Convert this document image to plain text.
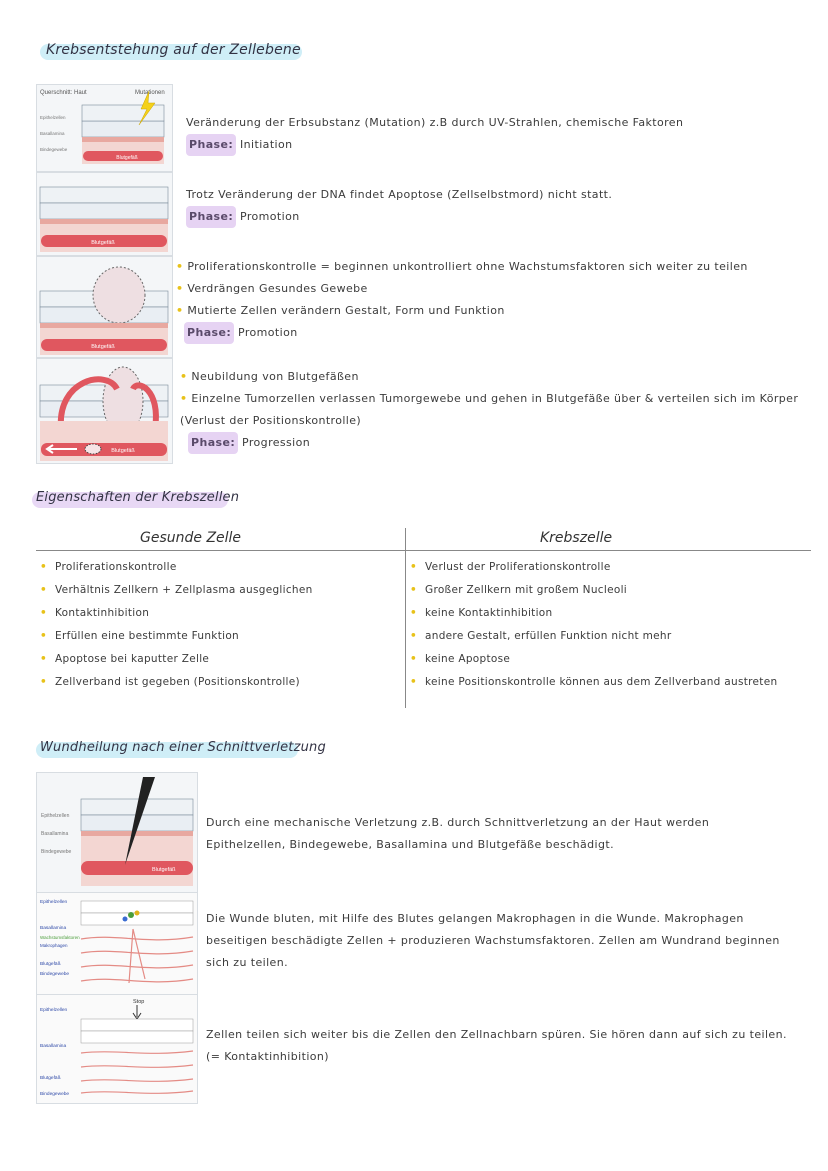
Krebsentstehung auf der Zellebene
Querschnitt: Haut	Mutationen
Blutgefäß
Epithelzellen
Basallamina
Bindegewebe
Veränderung der Erbsubstanz (Mutation) z.B durch UV-Strahlen, chemische Faktoren
Phase: Initiation
Blutgefäß
Trotz Veränderung der DNA findet Apoptose (Zellselbstmord) nicht statt.
Phase: Promotion
Blutgefäß
• Proliferationskontrolle = beginnen unkontrolliert ohne Wachstumsfaktoren sich weiter zu teilen
• Verdrängen Gesundes Gewebe
• Mutierte Zellen verändern Gestalt, Form und Funktion
Phase: Promotion
Blutgefäß
• Neubildung von Blutgefäßen
• Einzelne Tumorzellen verlassen Tumorgewebe und gehen in Blutgefäße über & verteilen sich im Körper (Verlust der Positionskontrolle)
Phase: Progression
Eigenschaften der Krebszellen
Gesunde Zelle	Krebszelle
• Proliferationskontrolle
• Verhältnis Zellkern + Zellplasma ausgeglichen
• Kontaktinhibition
• Erfüllen eine bestimmte Funktion
• Apoptose bei kaputter Zelle
• Zellverband ist gegeben (Positionskontrolle)
• Verlust der Proliferationskontrolle
• Großer Zellkern mit großem Nucleoli
• keine Kontaktinhibition
• andere Gestalt, erfüllen Funktion nicht mehr
• keine Apoptose
• keine Positionskontrolle können aus dem Zellverband austreten
Wundheilung nach einer Schnittverletzung
Blutgefäß
Epithelzellen
Basallamina
Bindegewebe
Durch eine mechanische Verletzung z.B. durch Schnittverletzung an der Haut werden Epithelzellen, Bindegewebe, Basallamina und Blutgefäße beschädigt.
Epithelzellen
Basallamina
Wachstumsfaktoren
Makrophagen
Blutgefäß
Bindegewebe
Die Wunde bluten, mit Hilfe des Blutes gelangen Makrophagen in die Wunde. Makrophagen beseitigen beschädigte Zellen + produzieren Wachstumsfaktoren. Zellen am Wundrand beginnen sich zu teilen.
Stop
Epithelzellen
Basallamina
Blutgefäß
Bindegewebe
Zellen teilen sich weiter bis die Zellen den Zellnachbarn spüren. Sie hören dann auf sich zu teilen. (= Kontaktinhibition)
